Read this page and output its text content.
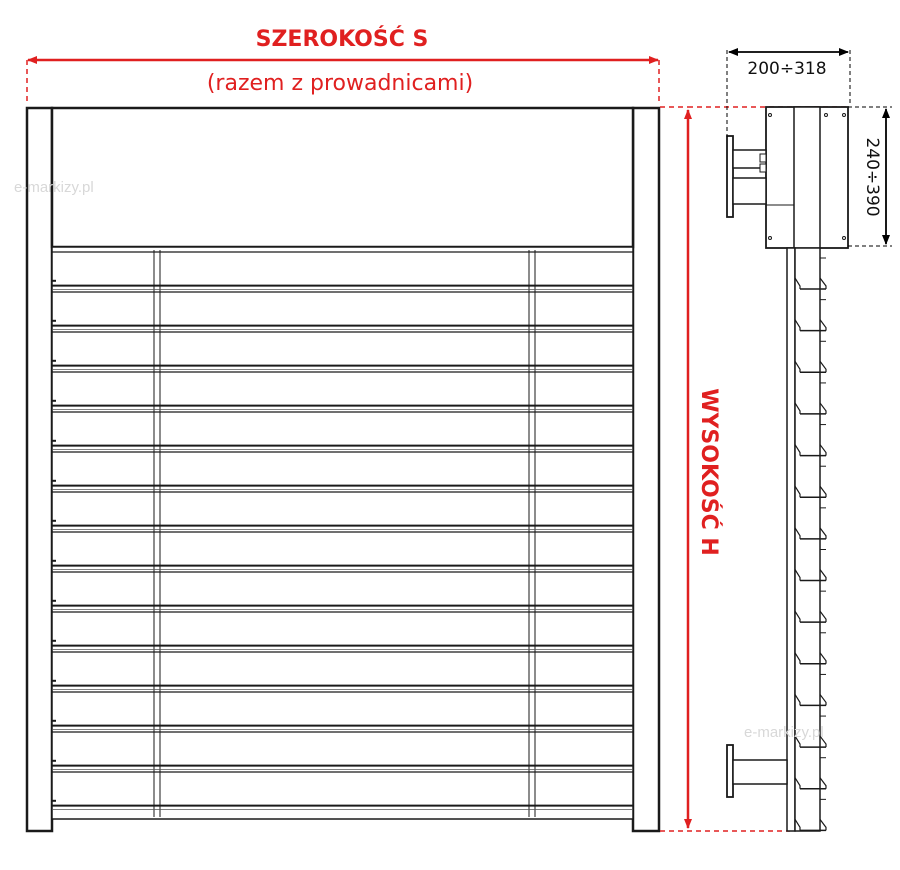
SZEROKOŚĆ S
(razem z prowadnicami)
e-markizy.pl
WYSOKOŚĆ H
e-markizy.pl
200÷318
240÷390
